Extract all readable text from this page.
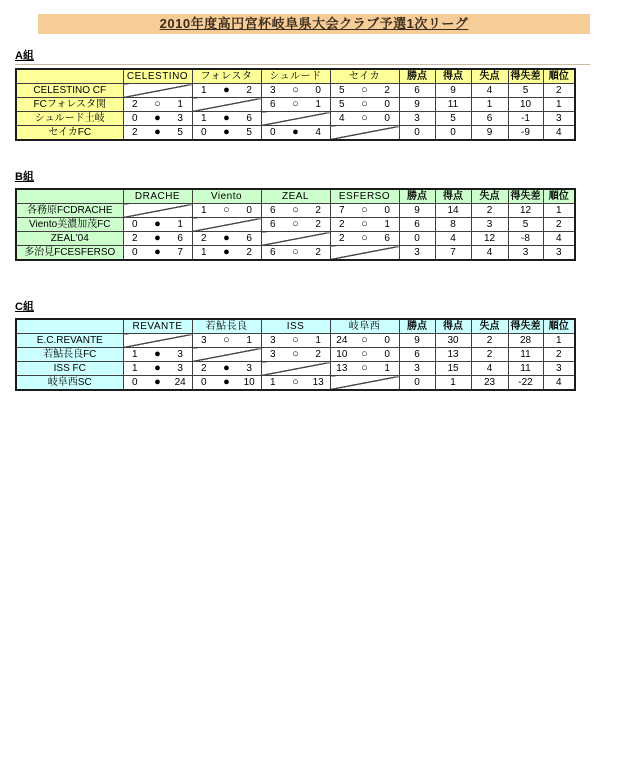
2010年度高円宮杯岐阜県大会クラブ予選1次リーグ
A組
	CELESTINO	フォレスタ	シュルード	セイカ	勝点	得点	失点	得失差	順位
CELESTINO CF		1 ● 2	3 ○ 0	5 ○ 2	6	9	4	5	2
FCフォレスタ関	2 ○ 1		6 ○ 1	5 ○ 0	9	11	1	10	1
シュルード土岐	0 ● 3	1 ● 6		4 ○ 0	3	5	6	-1	3
セイカFC	2 ● 5	0 ● 5	0 ● 4		0	0	9	-9	4
B組
	DRACHE	Viento	ZEAL	ESFERSO	勝点	得点	失点	得失差	順位
各務原FCDRACHE		1 ○ 0	6 ○ 2	7 ○ 0	9	14	2	12	1
Viento美濃加茂FC	0 ● 1		6 ○ 2	2 ○ 1	6	8	3	5	2
ZEAL'04	2 ● 6	2 ● 6		2 ○ 6	0	4	12	-8	4
多治見FCESFERSO	0 ● 7	1 ● 2	6 ○ 2		3	7	4	3	3
C組
	REVANTE	若鮎長良	ISS	岐阜西	勝点	得点	失点	得失差	順位
E.C.REVANTE		3 ○ 1	3 ○ 1	24 ○ 0	9	30	2	28	1
若鮎長良FC	1 ● 3		3 ○ 2	10 ○ 0	6	13	2	11	2
ISS FC	1 ● 3	2 ● 3		13 ○ 1	3	15	4	11	3
岐阜西SC	0 ● 24	0 ● 10	1 ○ 13		0	1	23	-22	4
